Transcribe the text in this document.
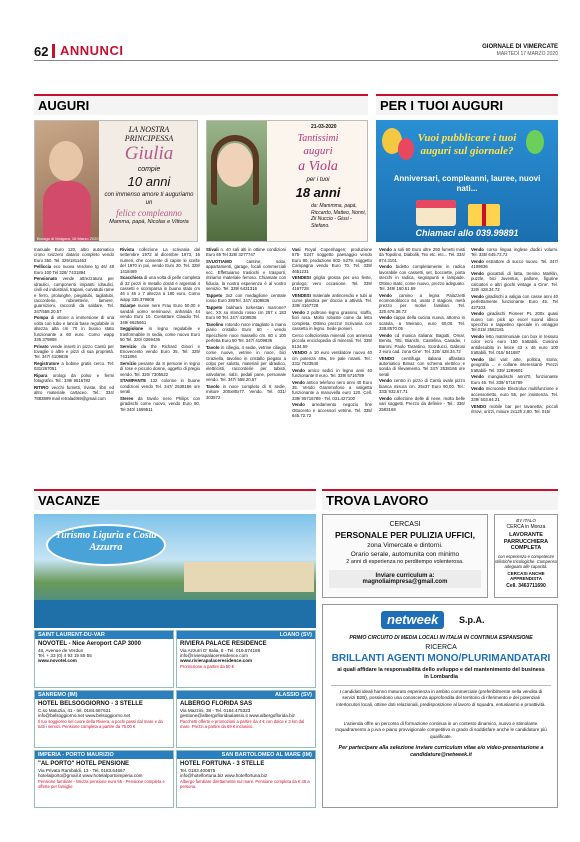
62 ANNUNCI	GIORNALE DI VIMERCATE
MARTEDÌ 17 MARZO 2020
AUGURI
LA NOSTRA
PRINCIPESSA
Giulia
compie
10 anni
con immenso amore ti auguriamo un
felice compleanno
Mamma, papà, Nicolas e Vittoria
Burago di Molgora, 16 Marzo 2020
21-03-2020
Tantissimi
auguri
a Viola
per i tuoi
18 anni
da: Mammma, papà, Riccardo, Matteo, Nonni, Zii Nuccio - Giusi - Stefano.
PER I TUOI AUGURI
Vuoi pubblicare i tuoi auguri sul giornale?
Anniversari, compleanni, lauree, nuovi nati...
Chiamaci allo 039.99891

manuale Euro 120, altro automatico crono svizzero datario completo vendo Euro 350. Tel. 329/1811463

Pelliccia eco nuova Verdone tg 46/ 48 Euro 100 Tel 328/ 7431894

Pensionato vende attrezzatura per idraulici, componenti impianti idraulici, civili ed industriali, trapani, curvatubi rame e ferro, prolunghe, piegatubi, tagliatubi, raccorderie, rubinetterie, lamiere, guarnizioni, raccordi da saldare. Tel. 347/558.20.57

Pompa di ottone a immersione di una volta con tubo e lancia base regolabile in altezza alta cm 70 in buono stato funzionante a 60 euro. Como wapp 335.379808

Privato vende inserti in pizzo Cantù per tovaglie o altre e pizzi di sua proprietà. Tel. 347/ 4109836

Registratore a bobine gratis cerco. Tel: 031/267051

Ripara orologi da polso e fermi fotografici. Tel.: 339/ 9516782

RITIRO vecchi fumetti, riviste, libri ed altro materiale cartaceo. Tel.: 334/ 7883899 mail retraladr69@gmail.com

Rivista collezione La scrivania dal settembre 1972 al dicembre 1973, 16 numeri, che consente di capire le scelte del 1970 in poi, vendo Euro 20. Tel. 328/ 1418489

Scacchiera di una volta di pelle completa di 32 pezzi in metallo dorati e argentati 4 cassetti e scomparsa in buono stato cm 46 x 46 x 7 altezza a 180 euro. Como wapp 335.379808

Sciarpe nuove nere Frau Euro 50,00 e sandali uomo seminuovi, anhanda 44 vendo Euro 10. Contattare Claudio Tel. 349/ 6625661

Seggiolone in legno regolabile e trasformabile in sedia, come nuovo Euro 50 Tel. 320/ 0269436

Servizio da the Richard Ginori e Enovecento vendo Euro 35. Tel. 329/ 7431894

Servizio pesante da 8 persone in legno di rose e piccolo donne, oggetto di pregio vendo. Tel. 320/ 7305522

STAMPANTE 132 colonne in buone condizioni vendo Tel. 347/ 2538166 ore serali

Stereo da tavolo nero Philips con giradischi come nuovo, vendo Euro 90. Tel 340/ 1699511

Stivali n. 40 sali alti in ottime condizioni Euro 65 Tel 328/ 3277747

SVUOTIAMO cantine, solai, appartamenti, garage, locali commerciali ecc. Effettuiamo traslochi e trasporti, ritiriamo materiale ferroso. Chiamate con fiducia, la nostra esperienza è al vostro servizio. Tel. 339/ 6431316

Tappeto 3x2 con medaglione centrale rosso Euro 280Tel. 347/ 4109836

Tappeto bukhara turkestan marrone? sec. XX su stondo rosso cm 257 x 183 Euro 90 Tel. 347/ 4109836

Tavolino rotondo noce intagliato a mano piano cristallo Euro 60 - vendo Specchiere noce massello cm. 60 x 100 perfetta Euro 50 Tel. 347/ 4109836

Tavolo in ciliegio, 4 sedie, vetrine ciliegio come nuove, vetrine in noce, bici Graziella, tavolino in cristallo piegato a colpo per salotto, materiali per idraulico, elettricisti, raccorderie per tubisti, valvolame, rialzi, pedali pane, personale vendo. Tel. 347/ 558.20.57

Tavolo in noce completo di 6 sedie, misure 200x80x77. Vendo. Tel. 031/ 303572

Vasi Royal Copenhagen; produzione 575- 5247 soggetto paesaggio vendo Euro 80, produzione 602- 5279, soggetto Campagna vendo Euro 70. Tel. 339/ 4651231

VENDESI griglia grossa per uso feste, prologo; vero occasione. Tel. 339/ 4167728

VENDESI materiale antincendio e tubi ai curve plastica per doccia a attività. Tel. 339/ 4167728

Vendo 2 poltrone legno grassino, stoffa, fiori rosa. Molto robuste come da letto completa. Ottimo prezzo! Scrivania con cassetto in legno. Sede pionieri.

Cerco collezionista minerali con annessa piccola enciclopedia di minerali. Tel. 339/ 5134.59

VENDO a 10 euro ventilatore nuovo 40 cm potenza 40w, tre pale rotanti. Tel.: 331/ 7623540

Vendo amico sedici in legno anni 40 funzionante 8 euro. Tel. 339/ 5716789

Vendo antico telefono nero anni 40 Euro 35. Vendo Grammofono a valigetta funzionante a manovella euro 120. Cell. 339/ 95716789 - Tel. 031.427100

Vendo arredamento negozio fine Ottocento e accessori vetrine. Tel. 335/ 645.72.72

Vendo a soli 60 Euro oltre 250 fumetti misti da Topolino, Diabolik, Tex etc. etc... Tel. 334/ 874.3101

Vendo bidetto completamente in radica lavorabile con cassetti, set, bocciette, porta stecchi in radica, segnapunti e lampade. Ottimo stato, come nuovo, prezzo adeguato. Tel. 349/ 160.61.69

Vendo camino a legna Palazzetti ecomonoblocco 64, usato 2 stagioni, metà prezzo per motivi familiari. Tel. 320.676.38.72

Vendo cappa della cucina nuova, attorno in scatola, a Meirano, euro 60,00. Tel. 338.8570.05

Vendo cd musica italiana: Bagutti, Omar, Benito, Titti, Bianchi, Castelina, Casadei, I Baroni, Paolo Tarantino, Scorducci, Gabrosi 2 euro cad. zona Cine'. Tel. 320/ 428.34.72

VENDO centrifuga italiana affastato automatico Bimaz con schema elettrico e sonda di rilevamento. Tel 347/ 2538166 ore serali

Vendo centro in pizzo di Cantù ovale pizzo bianca misura cm. 25x37 Euro 90,00. Tel.: 333/ 932.67.71

Vendo collezione delle di neve, molto belle vari soggetti. Prezzo da definire - Tel.: 336/ 2583169

Vendo corso lingua inglese dodici volumi. Tel. 335/ 645.72.72

Vendo estrattore di succo nuovo. Tel. 347/ 4109836

Vendo giocattoli di latta, trenino Marklin, puzzle, bici Juventus, pallone, figurine calciatori e altri giochi vintage a Cine'. Tel. 320/ 428.34.72

Vendo giradischi a valigia con casse anni 40 perfettamente funzionante Euro 45. Tel 427103

Vendo giradischi Pioneer PL 200x quasi nuovo con pick up excel suond idisco specchio e tappetino speciale in omaggio Tel.015/ 2562181

Vendo letto matrimoniale con box in tessuto color ecrù euro 150 trattabili. Cuscino antidecubito in letice 43 x 46 euro 100 trattabili. Tel. 015/ 541687

Vendo libri vari: arte, politica, storia, geografia ... e collane interessanti- Prezzi trattabili- Tel. 339/ 1289601

Vendo mangiadischi anni70, funzionante Euro 45. Tel. 339/ 5716789

Vendo microonde Electrolux multifunzione e accessorietto, euro 55, per insistenza. Tel. 339/ 503.64.21

VENDO mobile bar per lavanetta; piccoli ritrovi, orizzi, misure 2x12h 2,80. Tel. 015/

VACANZE
Turismo Liguria e Costa Azzurra
SAINT LAURENT-DU-VAR
NOVOTEL - Nice Aeroport CAP 3000
48, Avenue de Verdun
Tel. + 33 (0) 4 93 19 55 55
www.novotel.com
LOANO (SV)
RIVIERA PALACE RESIDENCE
Via Azzurri D' Italia, 8 - Tel. 019.674188
info@rivierapalaceresidence.com
www.rivierapalaceresidence.com
Promozione a partire da 50 €
SANREMO (IM)
HOTEL BELSOGGIORNO - 3 STELLE
C.so Matuzia, 41 - tel. 0184.667631
info@belsoggiorno.net www.belsoggiorno.net
Il tuo soggiorno nel cuore della Riviera, a pochi passi dal mare e da tutti i servizi. Pensione completa a partire da 75,00 €
ALASSIO (SV)
ALBERGO FLORIDA SAS
Via Mazzini, 38 - Tel. 0184.475323
gestione@albergofloridaalassio.it www.albergoflorida.biz
Pacchetti offerte e promozioni a partire da 4 € con dolce e 3 km dal mare. Prezzi a partire da 69 € inclusivo.
IMPERIA - PORTO MAURIZIO
"AL PORTO" HOTEL PENSIONE
Via Privata Rambaldi, 13 - Tel. 0183.64667
hotelalporto@gmail.it www.hotelalportoimperia.com
Pensione familiare - Mezza pensione euro 55 - Pensione completa e offerte per famiglie
SAN BARTOLOMEO AL MARE (IM)
HOTEL FORTUNA - 3 STELLE
Tel. 0183.400875
info@hotelfortuna.biz www.hotelfortuna.biz
Albergo familiare direttamente sul mare. Pensione completa da € 45 a persona.
TROVA LAVORO
CERCASI
PERSONALE PER PULIZIA UFFICI,
zona Vimercate e dintorni.
Orario serale, automunita con minimo
2 anni di esperienza no perditempo volenterosa.
Inviare curriculum a:
magnoliaimpresa@gmail.com
BY ITALO
CERCA in Monza
LAVORANTE PARRUCCHIERA COMPLETA
con esperienza e competenze stilistiche tricologiche. Compenso adeguato alle capacità.
CERCASI ANCHE APPRENDISTA
Cell. 3463711690
netweek	S.p.A.
PRIMO CIRCUITO DI MEDIA LOCALI IN ITALIA IN CONTINUA ESPANSIONE
RICERCA
BRILLANTI AGENTI MONO/PLURIMANDATARI
ai quali affidare la responsabilità dello sviluppo e del mantenimento del business in Lombardia
I candidati ideali hanno maturato esperienza in ambito commerciale (preferibilmente nella vendita di servizi B2B), possiedono una conoscenza approfondita del territorio di riferimento e dei potenziali interlocutori locali, ottime doti relazionali, predisposizione al lavoro di squadra, entusiasmo e proattività.
L'azienda offre un percorso di formazione continua in un contesto dinamico, nuovo e stimolante. Inquadramento a p.iva e piano provvigionale competitivo in grado di soddisfare anche le candidature più qualificate.
Per partecipare alla selezione inviare curriculum vitae e/o video-presentazione a candidature@netweek.it
